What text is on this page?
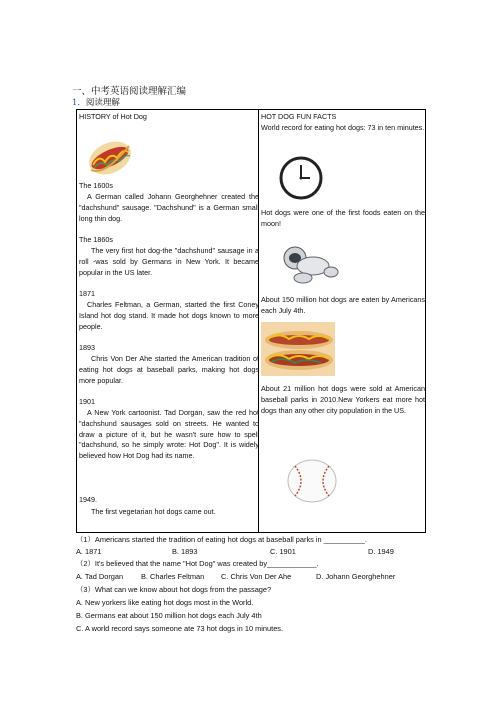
一、中考英语阅读理解汇编
1．阅读理解
HISTORY of Hot Dog
The 1600s
A German called Johann Georghehner created the "dachshund" sausage. "Dachshund" is a German small long thin dog.
The 1860s
The very first hot dog-the "dachshund" sausage in a roll -was sold by Germans in New York. It became popular in the US later.
1871
Charles Feltman, a German, started the first Coney Island hot dog stand. It made hot dogs known to more people.
1893
Chris Von Der Ahe started the American tradition of eating hot dogs at baseball parks, making hot dogs more popular.
1901
A New York cartoonist. Tad Dorgan, saw the red hot "dachshund sausages sold on streets. He wanted to draw a picture of it, but he wasn't sure how to spell "dachshund, so he simply wrote: Hot Dog". It is widely believed how Hot Dog had its name.
1949.
The first vegetarian hot dogs came out.

HOT DOG FUN FACTS
World record for eating hot dogs: 73 in ten minutes.
Hot dogs were one of the first foods eaten on the moon!
About 150 million hot dogs are eaten by Americans each July 4th.
About 21 million hot dogs were sold at American baseball parks in 2010.New Yorkers eat more hot dogs than any other city population in the US.
（1）Americans started the tradition of eating hot dogs at baseball parks in __________.
A. 1871	B. 1893	C. 1901	D. 1949
（2）It's believed that the name "Hot Dog" was created by____________.
A. Tad Dorgan B. Charles Feltman C. Chris Von Der Ahe	D. Johann Georghehner
（3）What can we know about hot dogs from the passage?
A. New yorkers like eating hot dogs most in the World.
B. Germans eat about 150 million hot dogs each July 4th
C. A world record says someone ate 73 hot dogs in 10 minutes.
